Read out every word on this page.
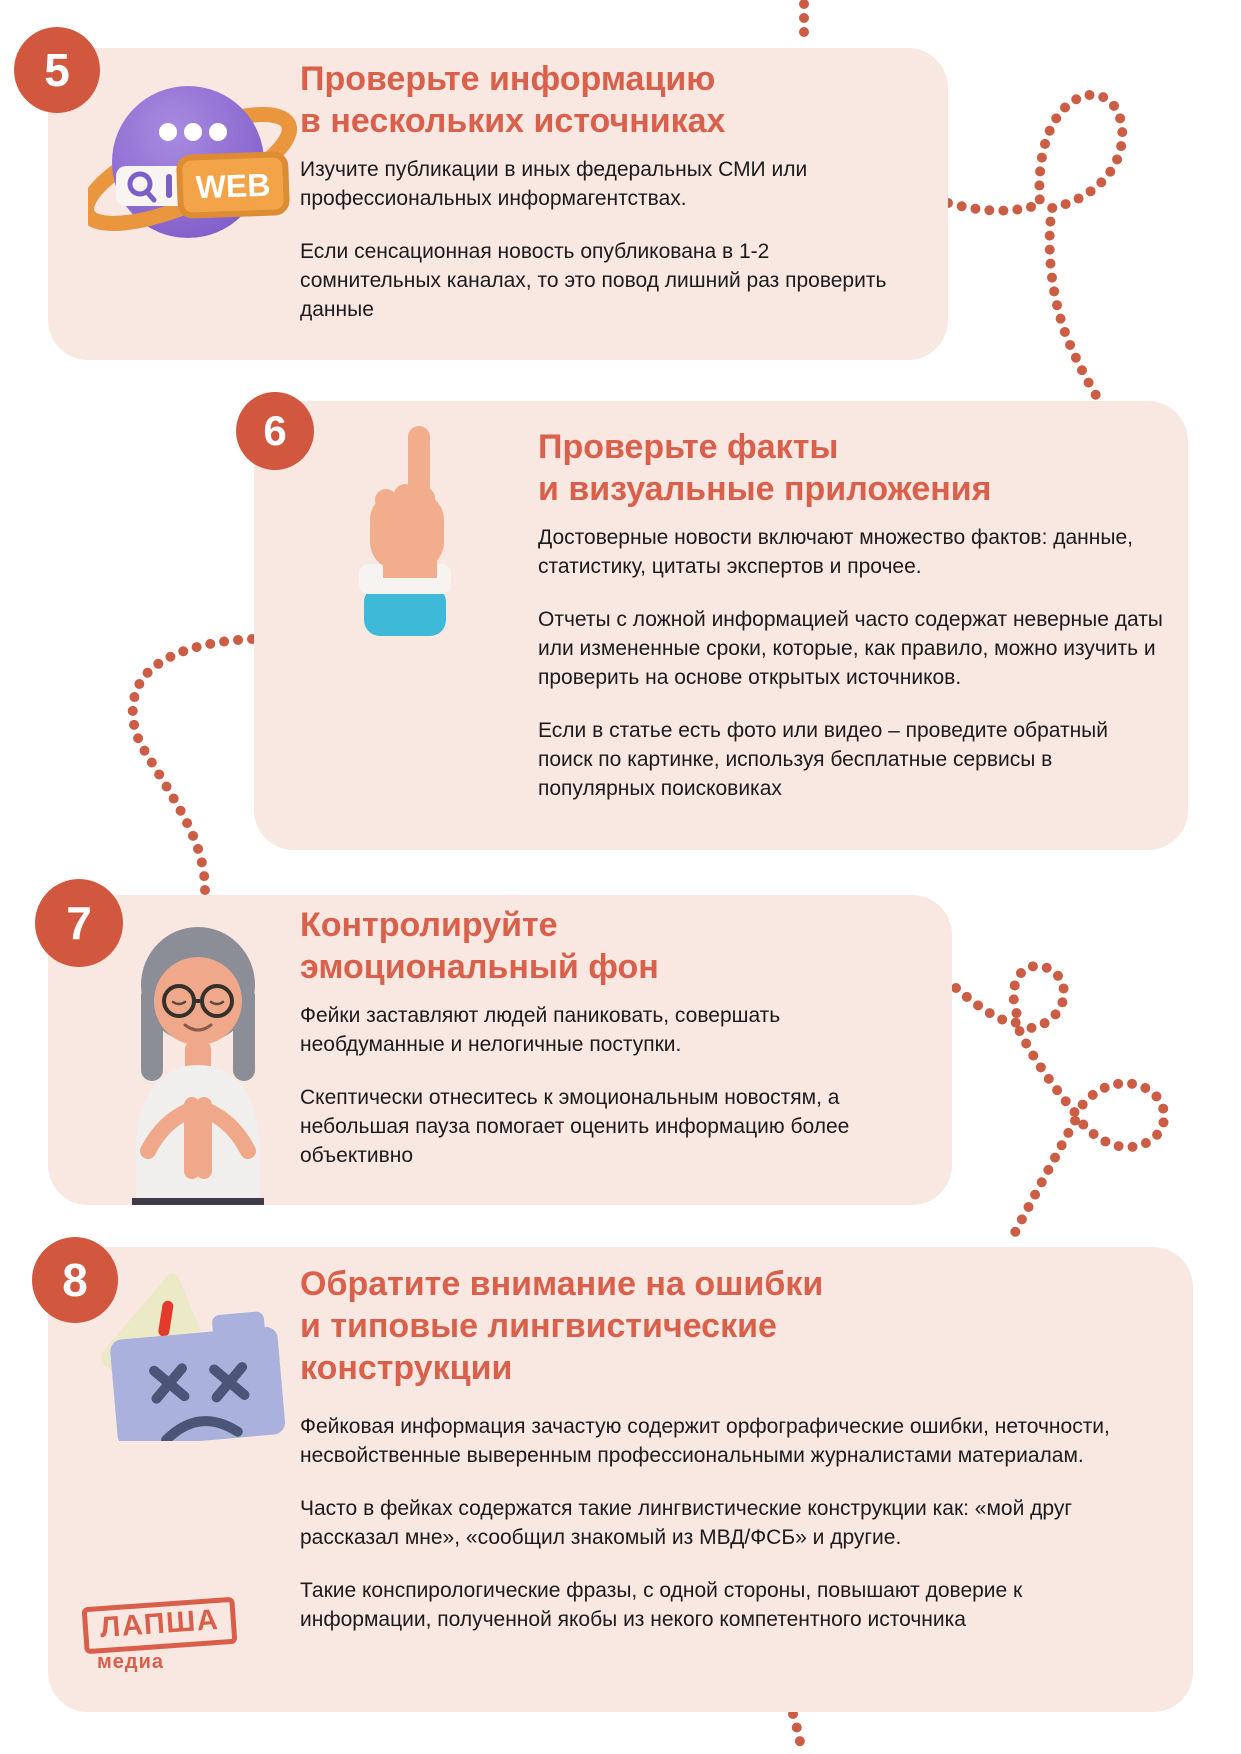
5
6
7
8
WEB
Проверьте информацию
в нескольких источниках

Изучите публикации в иных федеральных СМИ или профессиональных информагентствах.

Если сенсационная новость опубликована в 1-2 сомнительных каналах, то это повод лишний раз проверить данные

Проверьте факты
и визуальные приложения

Достоверные новости включают множество фактов: данные, статистику, цитаты экспертов и прочее.

Отчеты с ложной информацией часто содержат неверные даты или измененные сроки, которые, как правило, можно изучить и проверить на основе открытых источников.

Если в статье есть фото или видео – проведите обратный поиск по картинке, используя бесплатные сервисы в популярных поисковиках

Контролируйте
эмоциональный фон

Фейки заставляют людей паниковать, совершать необдуманные и нелогичные поступки.

Скептически отнеситесь к эмоциональным новостям, а небольшая пауза помогает оценить информацию более объективно

Обратите внимание на ошибки
и типовые лингвистические
конструкции

Фейковая информация зачастую содержит орфографические ошибки, неточности, несвойственные выверенным профессиональными журналистами материалам.

Часто в фейках содержатся такие лингвистические конструкции как: «мой друг рассказал мне», «сообщил знакомый из МВД/ФСБ» и другие.

Такие конспирологические фразы, с одной стороны, повышают доверие к информации, полученной якобы из некого компетентного источника

ЛАПША
медиа
